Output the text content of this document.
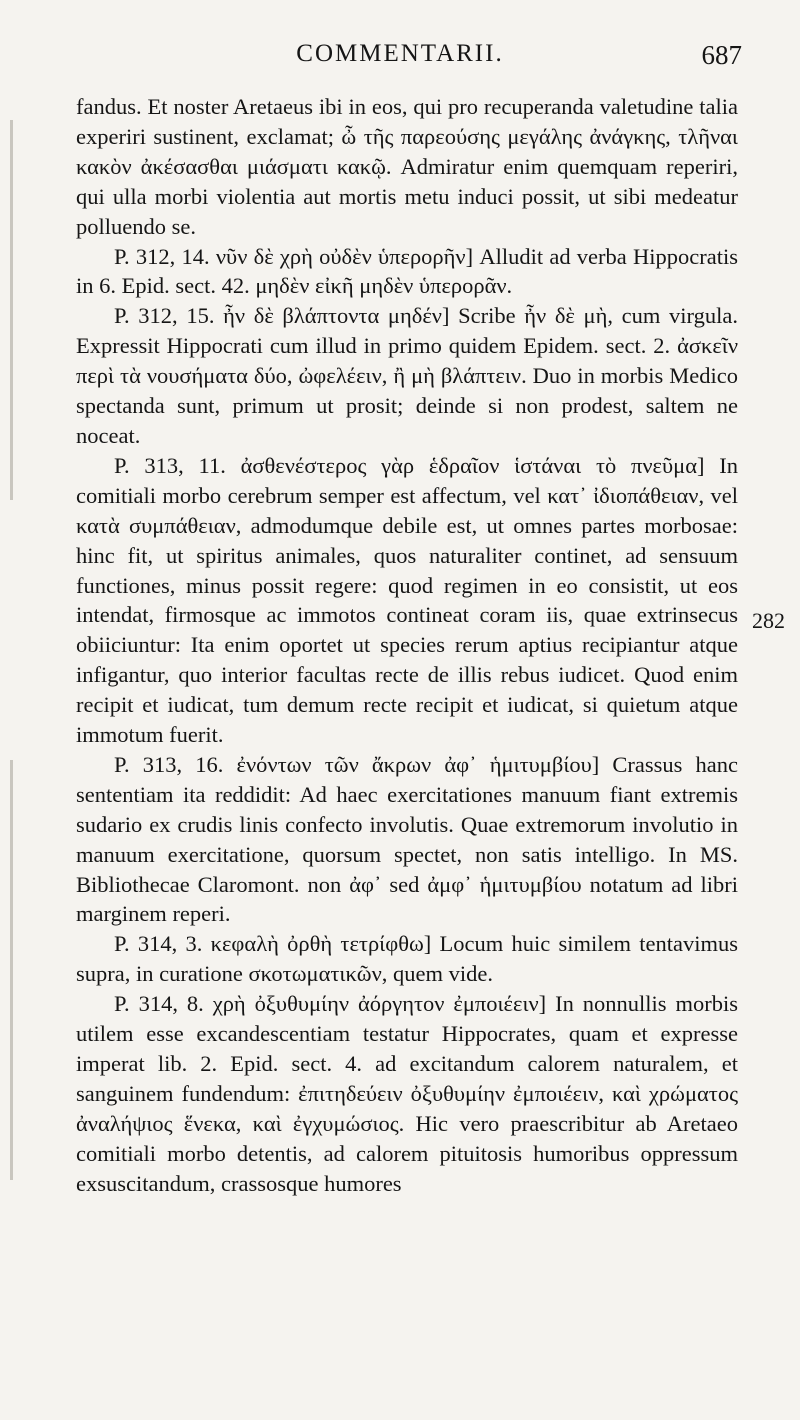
COMMENTARII.	687

fandus. Et noster Aretaeus ibi in eos, qui pro recuperanda valetudine talia experiri sustinent, exclamat; ὦ τῆς παρεούσης μεγάλης ἀνάγκης, τλῆναι κακὸν ἀκέσασθαι μιάσματι κακῷ. Admiratur enim quemquam reperiri, qui ulla morbi violentia aut mortis metu induci possit, ut sibi medeatur polluendo se.

P. 312, 14. νῦν δὲ χρὴ οὐδὲν ὑπερορῆν] Alludit ad verba Hippocratis in 6. Epid. sect. 42. μηδὲν εἰκῆ μηδὲν ὑπερορᾶν.

P. 312, 15. ἦν δὲ βλάπτοντα μηδέν] Scribe ἦν δὲ μὴ, cum virgula. Expressit Hippocrati cum illud in primo quidem Epidem. sect. 2. ἀσκεῖν περὶ τὰ νουσήματα δύο, ὠφελέειν, ἢ μὴ βλάπτειν. Duo in morbis Medico spectanda sunt, primum ut prosit; deinde si non prodest, saltem ne noceat.

P. 313, 11. ἀσθενέστερος γὰρ ἑδραῖον ἱστάναι τὸ πνεῦμα] In comitiali morbo cerebrum semper est affectum, vel κατ᾽ ἰδιοπάθειαν, vel κατὰ συμπάθειαν, admodumque debile est, ut omnes partes morbosae: hinc fit, ut spiritus animales, quos naturaliter continet, ad sensuum functiones, minus possit regere: quod regimen in eo consistit, ut eos intendat, firmosque ac immotos contineat coram iis, quae extrinsecus obiiciuntur: Ita enim oportet ut species rerum aptius recipiantur atque infigantur, quo interior facultas recte de illis rebus iudicet. Quod enim recipit et iudicat, tum demum recte recipit et iudicat, si quietum atque immotum fuerit.

P. 313, 16. ἐνόντων τῶν ἄκρων ἀφ᾽ ἡμιτυμβίου] Crassus hanc sententiam ita reddidit: Ad haec exercitationes manuum fiant extremis sudario ex crudis linis confecto involutis. Quae extremorum involutio in manuum exercitatione, quorsum spectet, non satis intelligo. In MS. Bibliothecae Claromont. non ἀφ᾽ sed ἀμφ᾽ ἡμιτυμβίου notatum ad libri marginem reperi.

P. 314, 3. κεφαλὴ ὀρθὴ τετρίφθω] Locum huic similem tentavimus supra, in curatione σκοτωματικῶν, quem vide.

P. 314, 8. χρὴ ὀξυθυμίην ἀόργητον ἐμποιέειν] In nonnullis morbis utilem esse excandescentiam testatur Hippocrates, quam et expresse imperat lib. 2. Epid. sect. 4. ad excitandum calorem naturalem, et sanguinem fundendum: ἐπιτηδεύειν ὀξυθυμίην ἐμποιέειν, καὶ χρώματος ἀναλήψιος ἕνεκα, καὶ ἐγχυμώσιος. Hic vero praescribitur ab Aretaeo comitiali morbo detentis, ad calorem pituitosis humoribus oppressum exsuscitandum, crassosque humores

282
